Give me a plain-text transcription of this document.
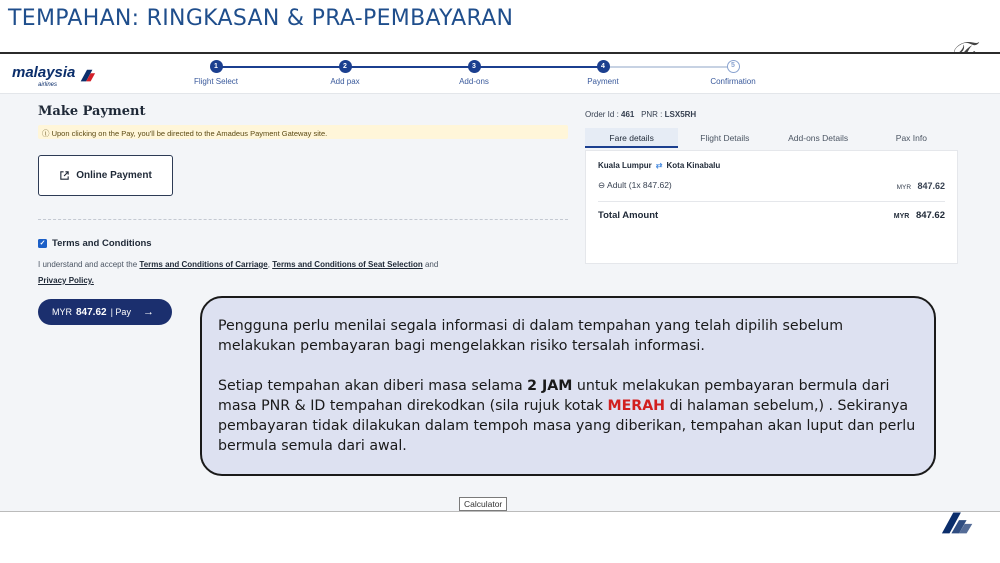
TEMPAHAN: RINGKASAN & PRA-PEMBAYARAN
malaysia
airlines
1
Flight Select
2
Add pax
3
Add-ons
4
Payment
5
Confirmation
Make Payment
ⓘ Upon clicking on the Pay, you'll be directed to the Amadeus Payment Gateway site.
Online Payment
✓ Terms and Conditions
I understand and accept the Terms and Conditions of Carriage, Terms and Conditions of Seat Selection and
Privacy Policy.
MYR 847.62 | Pay →
Order Id : 461 PNR : LSX5RH
Fare details	Flight Details	Add-ons Details	Pax Info
Kuala Lumpur ⇄ Kota Kinabalu
⊖ Adult (1x 847.62)	MYR 847.62
Total Amount	MYR 847.62

Pengguna perlu menilai segala informasi di dalam tempahan yang telah dipilih sebelum melakukan pembayaran bagi mengelakkan risiko tersalah informasi.

Setiap tempahan akan diberi masa selama 2 JAM untuk melakukan pembayaran bermula dari masa PNR & ID tempahan direkodkan (sila rujuk kotak MERAH di halaman sebelum,) . Sekiranya pembayaran tidak dilakukan dalam tempoh masa yang diberikan, tempahan akan luput dan perlu bermula semula dari awal.

Calculator
